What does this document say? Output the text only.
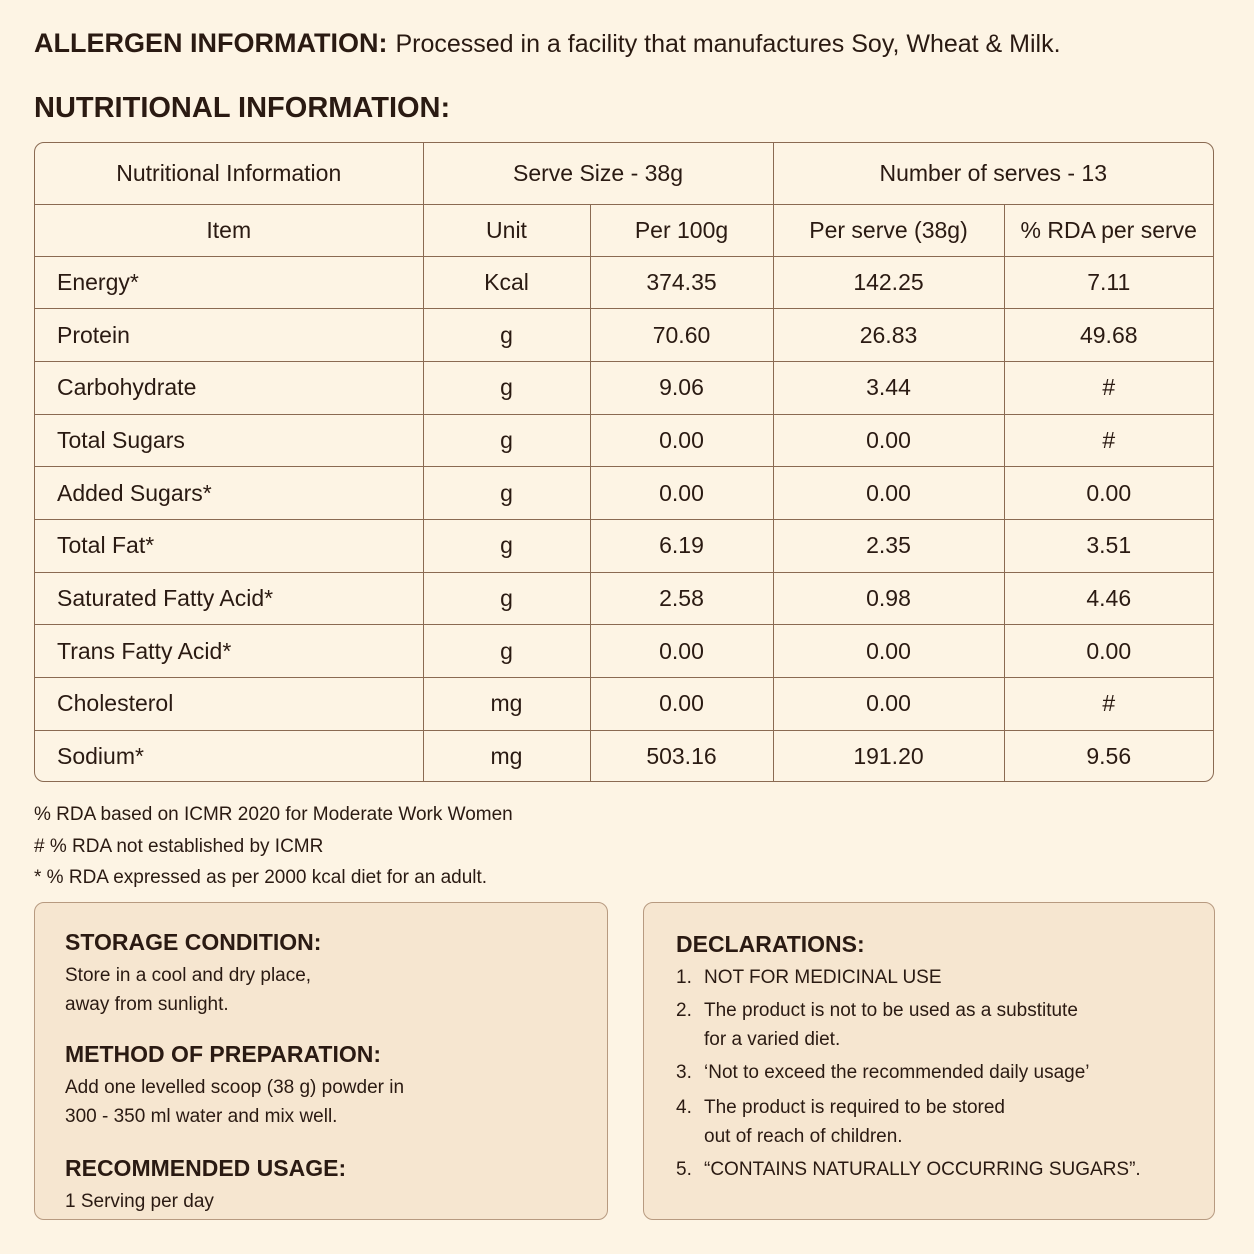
ALLERGEN INFORMATION: Processed in a facility that manufactures Soy, Wheat & Milk.
NUTRITIONAL INFORMATION:
Nutritional Information	Serve Size - 38g		Number of serves - 13	
Item	Unit	Per 100g	Per serve (38g)	% RDA per serve
Energy*	Kcal	374.35	142.25	7.11
Protein	g	70.60	26.83	49.68
Carbohydrate	g	9.06	3.44	#
Total Sugars	g	0.00	0.00	#
Added Sugars*	g	0.00	0.00	0.00
Total Fat*	g	6.19	2.35	3.51
Saturated Fatty Acid*	g	2.58	0.98	4.46
Trans Fatty Acid*	g	0.00	0.00	0.00
Cholesterol	mg	0.00	0.00	#
Sodium*	mg	503.16	191.20	9.56
% RDA based on ICMR 2020 for Moderate Work Women
# % RDA not established by ICMR
* % RDA expressed as per 2000 kcal diet for an adult.
STORAGE CONDITION:

Store in a cool and dry place,
away from sunlight.

METHOD OF PREPARATION:

Add one levelled scoop (38 g) powder in
300 - 350 ml water and mix well.

RECOMMENDED USAGE:

1 Serving per day

DECLARATIONS:
1. NOT FOR MEDICINAL USE
2. The product is not to be used as a substitute
for a varied diet.
3. ‘Not to exceed the recommended daily usage’
4. The product is required to be stored
out of reach of children.
5. “CONTAINS NATURALLY OCCURRING SUGARS”.
